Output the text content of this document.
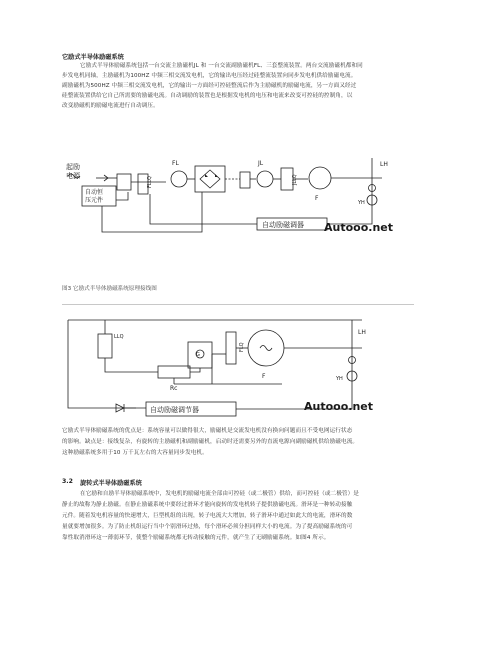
它励式半导体励磁系统
它励式半导体励磁系统包括一台交流主励磁机JL 和 一台交流副励磁机FL、三套整流装置。两台交流励磁机都和同
步发电机同轴，主励磁机为100HZ 中频三相交流发电机，它的输出电压经过硅整流装置向同步发电机供给励磁电流。
副励磁机为500HZ 中频三相交流发电机，它的输出一方面经可控硅整流后作为主励磁机的励磁电流，另一方面又经过
硅整流装置供给它自己所需要的励磁电流。自动调励的装置也是根据发电机的电压和电流来改变可控硅的控制角，以
改变励磁机的励磁电流进行自动调压。
起励
电源
自动恒
压元件
FL
FLLQ
JL
JLLQ
F
LH
YH
自动励磁调器 Autooo.net
图3 它励式半导体励磁系统原理接线图
LLQ
G
FLQ
Rc
F
LH
YH
自动励磁调节器	Autooo.net
它励式半导体励磁系统的优点是：系统容量可以做得很大，励磁机是交流发电机没有换向问题而且不受电网运行状态
的影响。缺点是：接线复杂，有旋转的主励磁机和副励磁机，启动时还需要另外的直流电源向副励磁机供给励磁电流。
这种励磁系统多用于10 万千瓦左右的大容量同步发电机。
3.2 旋转式半导体励磁系统
在它励和自励半导体励磁系统中，发电机的励磁电流全部由可控硅（或二极管）供给，而可控硅（或二极管）是
静止的故称为静止励磁。在静止励磁系统中要经过滑环才能向旋转的发电机转子提供励磁电流。滑环是一种转动接触
元件。随着发电机容量的快速增大，巨型机组的出现，转子电流大大增加，转子滑环中通过如此大的电流，滑环的数
量就要增加很多。为了防止机组运行当中个别滑环过热，每个滑环必须分担同样大小的电流。为了提高励磁系统的可
靠性取消滑环这一薄弱环节，使整个励磁系统都无转动接触的元件，就产生了无刷励磁系统。如图4 所示。
